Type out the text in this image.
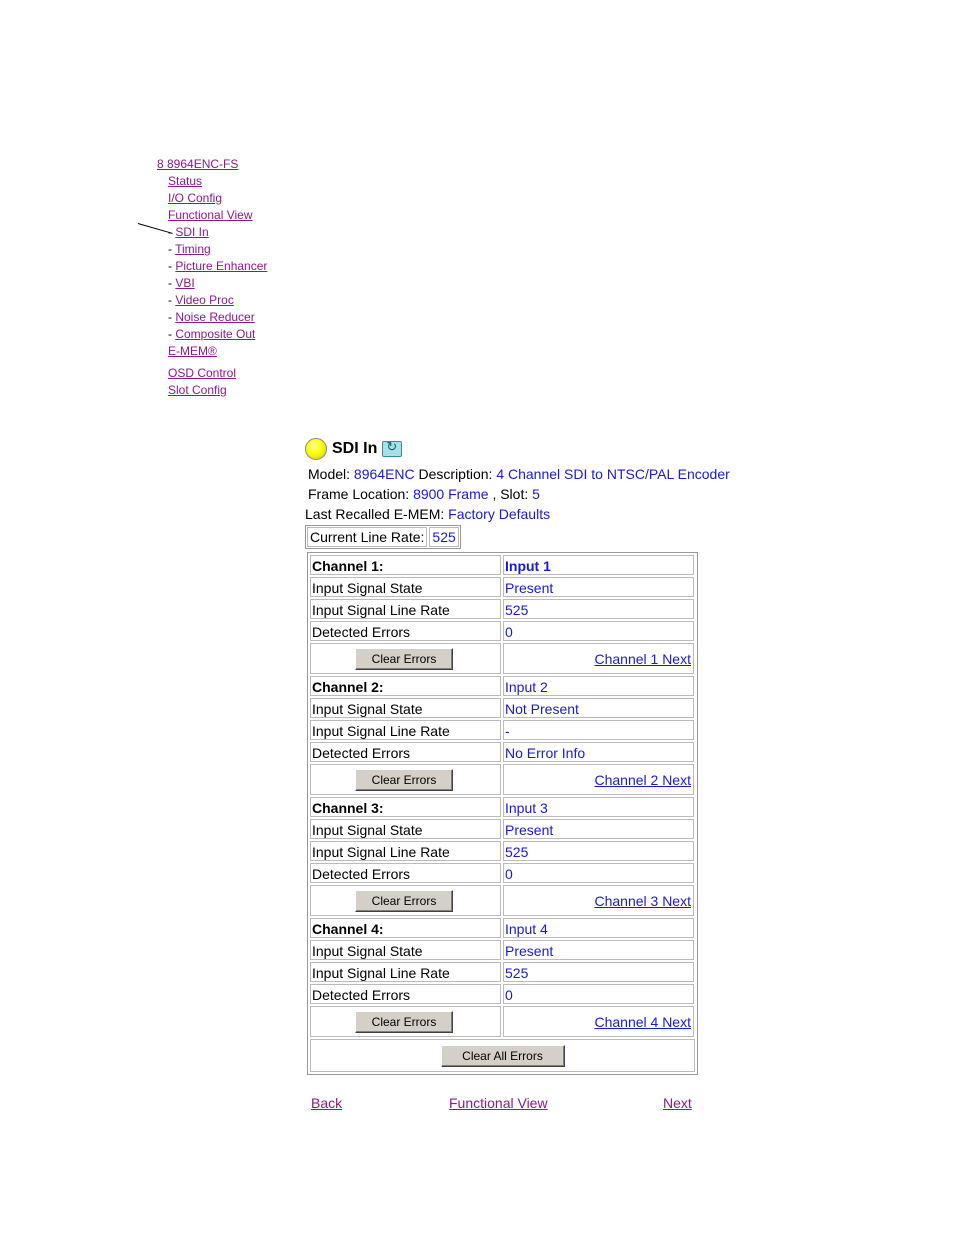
8 8964ENC-FS
Status
I/O Config
Functional View
- SDI In
- Timing
- Picture Enhancer
- VBI
- Video Proc
- Noise Reducer
- Composite Out
E-MEM®
OSD Control
Slot Config
SDI In
↻
Model: 8964ENC Description: 4 Channel SDI to NTSC/PAL Encoder
Frame Location: 8900 Frame , Slot: 5
Last Recalled E-MEM: Factory Defaults
Current Line Rate: 525
Channel 1:	Input 1
Input Signal State	Present
Input Signal Line Rate	525
Detected Errors	0
Clear Errors	Channel 1 Next
Channel 2:	Input 2
Input Signal State	Not Present
Input Signal Line Rate	-
Detected Errors	No Error Info
Clear Errors	Channel 2 Next
Channel 3:	Input 3
Input Signal State	Present
Input Signal Line Rate	525
Detected Errors	0
Clear Errors	Channel 3 Next
Channel 4:	Input 4
Input Signal State	Present
Input Signal Line Rate	525
Detected Errors	0
Clear Errors	Channel 4 Next
Clear All Errors
Back	Functional View	Next
